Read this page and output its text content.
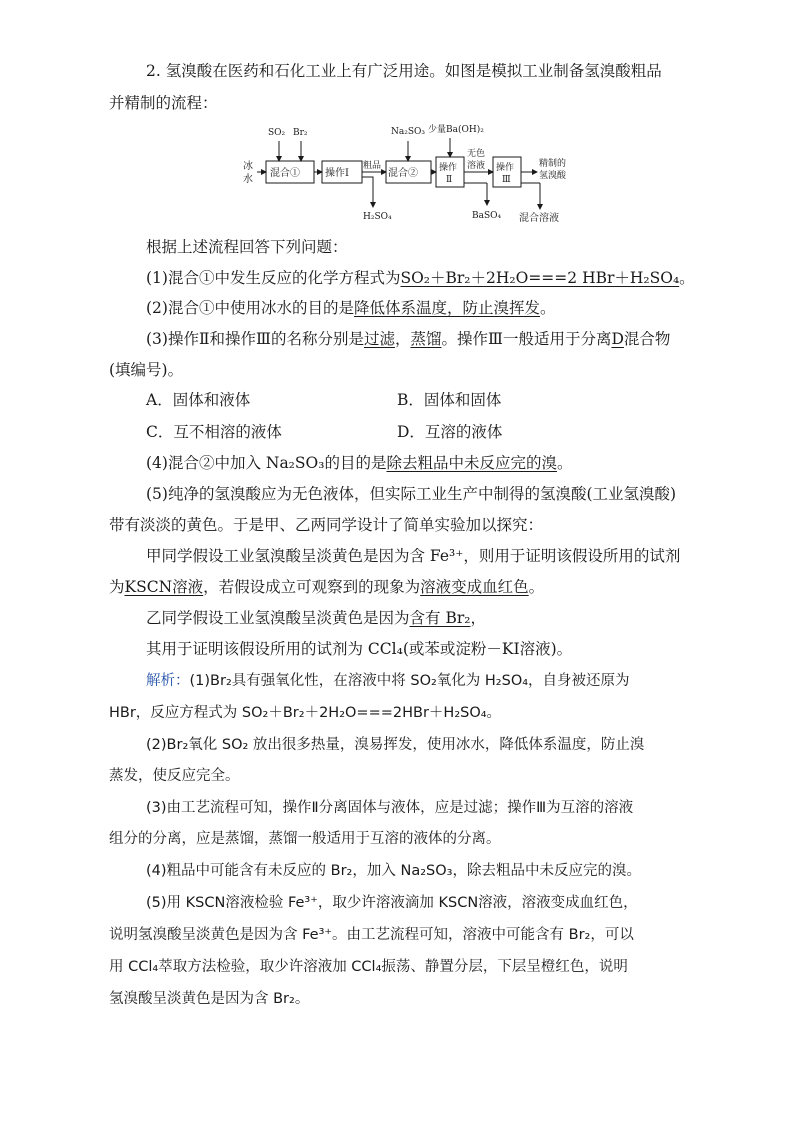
2. 氢溴酸在医药和石化工业上有广泛用途。如图是模拟工业制备氢溴酸粗品
并精制的流程：
冰
水
SO₂ Br₂
混合①	操作Ⅰ
粗品
Na₂SO₃
混合②
少量Ba(OH)₂
操作
Ⅱ
无色
溶液 操作
Ⅲ
精制的
氢溴酸
H₂SO₄	BaSO₄ 混合溶液
根据上述流程回答下列问题：
(1)混合①中发生反应的化学方程式为SO₂＋Br₂＋2H₂O===2 HBr＋H₂SO₄。
(2)混合①中使用冰水的目的是降低体系温度，防止溴挥发。
(3)操作Ⅱ和操作Ⅲ的名称分别是过滤，蒸馏。操作Ⅲ一般适用于分离D混合物
(填编号)。
A．固体和液体	B．固体和固体
C．互不相溶的液体	D．互溶的液体
(4)混合②中加入 Na₂SO₃的目的是除去粗品中未反应完的溴。
(5)纯净的氢溴酸应为无色液体，但实际工业生产中制得的氢溴酸(工业氢溴酸)
带有淡淡的黄色。于是甲、乙两同学设计了简单实验加以探究：
甲同学假设工业氢溴酸呈淡黄色是因为含 Fe³⁺，则用于证明该假设所用的试剂
为KSCN溶液，若假设成立可观察到的现象为溶液变成血红色。
乙同学假设工业氢溴酸呈淡黄色是因为含有 Br₂，
其用于证明该假设所用的试剂为 CCl₄(或苯或淀粉－KI溶液)。
解析：(1)Br₂具有强氧化性，在溶液中将 SO₂氧化为 H₂SO₄，自身被还原为
HBr，反应方程式为 SO₂＋Br₂＋2H₂O===2HBr＋H₂SO₄。
(2)Br₂氧化 SO₂ 放出很多热量，溴易挥发，使用冰水，降低体系温度，防止溴
蒸发，使反应完全。
(3)由工艺流程可知，操作Ⅱ分离固体与液体，应是过滤；操作Ⅲ为互溶的溶液
组分的分离，应是蒸馏，蒸馏一般适用于互溶的液体的分离。
(4)粗品中可能含有未反应的 Br₂，加入 Na₂SO₃，除去粗品中未反应完的溴。
(5)用 KSCN溶液检验 Fe³⁺，取少许溶液滴加 KSCN溶液，溶液变成血红色，
说明氢溴酸呈淡黄色是因为含 Fe³⁺。由工艺流程可知，溶液中可能含有 Br₂，可以
用 CCl₄萃取方法检验，取少许溶液加 CCl₄振荡、静置分层，下层呈橙红色，说明
氢溴酸呈淡黄色是因为含 Br₂。
